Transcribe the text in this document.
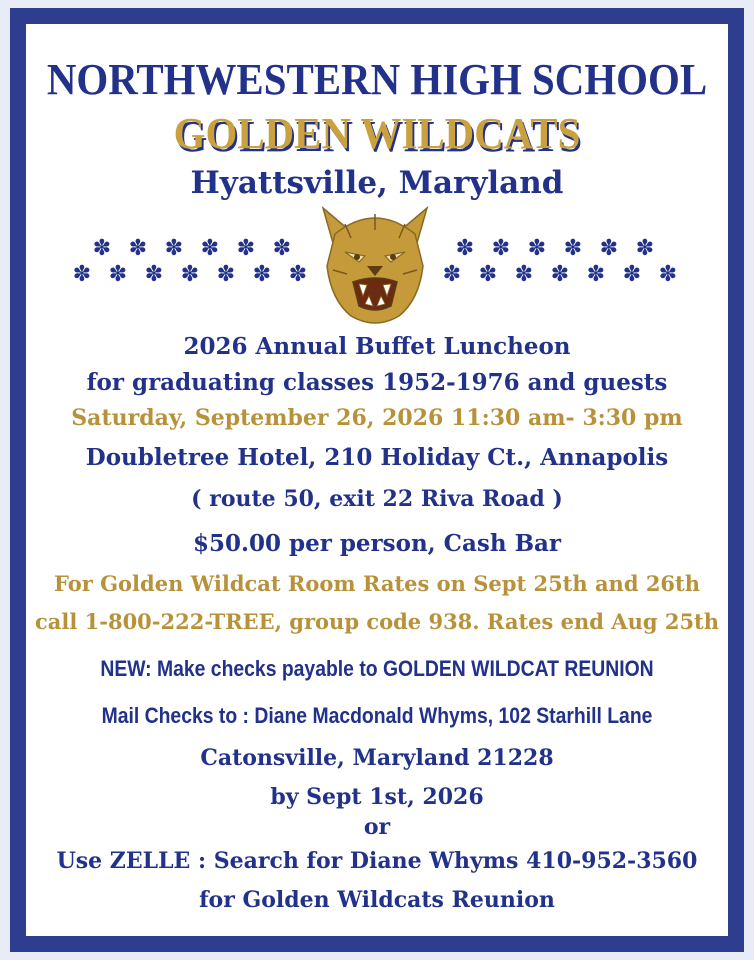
NORTHWESTERN HIGH SCHOOL
GOLDEN WILDCATS
Hyattsville, Maryland
✽ ✽ ✽ ✽ ✽ ✽
✽ ✽ ✽ ✽ ✽ ✽ ✽
✽ ✽ ✽ ✽ ✽ ✽
✽ ✽ ✽ ✽ ✽ ✽ ✽
2026 Annual Buffet Luncheon
for graduating classes 1952-1976 and guests
Saturday, September 26, 2026 11:30 am- 3:30 pm
Doubletree Hotel, 210 Holiday Ct., Annapolis
( route 50, exit 22 Riva Road )
$50.00 per person, Cash Bar
For Golden Wildcat Room Rates on Sept 25th and 26th
call 1-800-222-TREE, group code 938. Rates end Aug 25th
NEW: Make checks payable to GOLDEN WILDCAT REUNION
Mail Checks to : Diane Macdonald Whyms, 102 Starhill Lane
Catonsville, Maryland 21228
by Sept 1st, 2026
or
Use ZELLE : Search for Diane Whyms 410-952-3560
for Golden Wildcats Reunion
